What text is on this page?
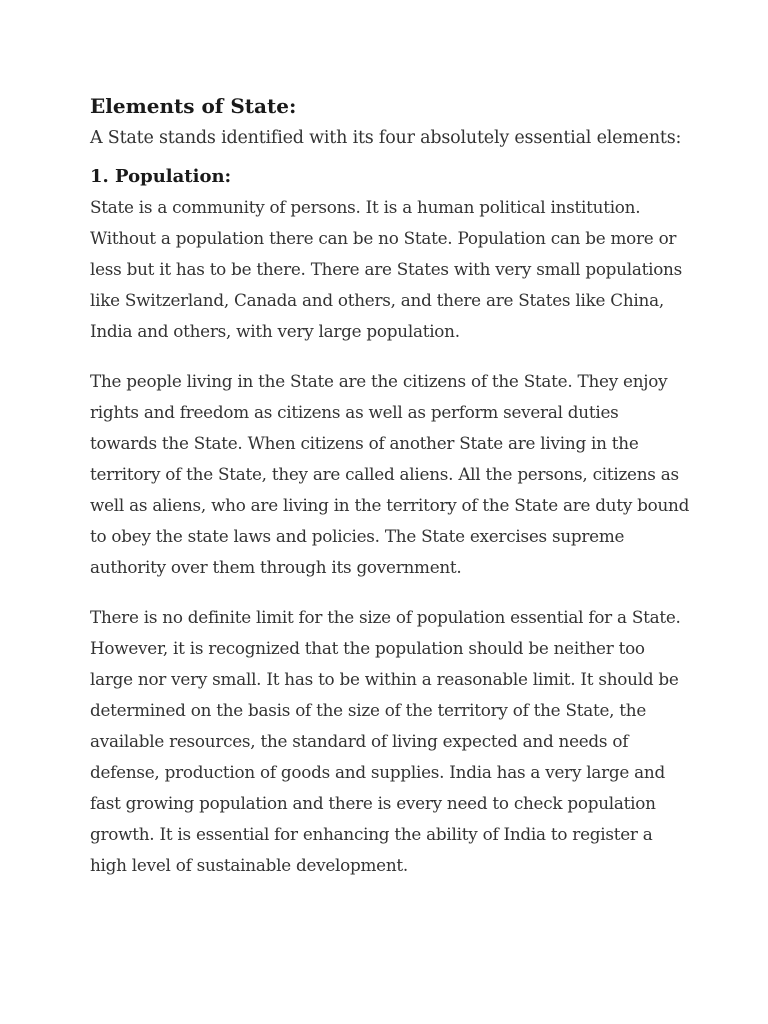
Elements of State:

A State stands identified with its four absolutely essential elements:

1. Population:

State is a community of persons. It is a human political institution. Without a population there can be no State. Population can be more or less but it has to be there. There are States with very small populations like Switzerland, Canada and others, and there are States like China, India and others, with very large population.

The people living in the State are the citizens of the State. They enjoy rights and freedom as citizens as well as perform several duties towards the State. When citizens of another State are living in the territory of the State, they are called aliens. All the persons, citizens as well as aliens, who are living in the territory of the State are duty bound to obey the state laws and policies. The State exercises supreme authority over them through its government.

There is no definite limit for the size of population essential for a State. However, it is recognized that the population should be neither too large nor very small. It has to be within a reasonable limit. It should be determined on the basis of the size of the territory of the State, the available resources, the standard of living expected and needs of defense, production of goods and supplies. India has a very large and fast growing population and there is every need to check population growth. It is essential for enhancing the ability of India to register a high level of sustainable development.
